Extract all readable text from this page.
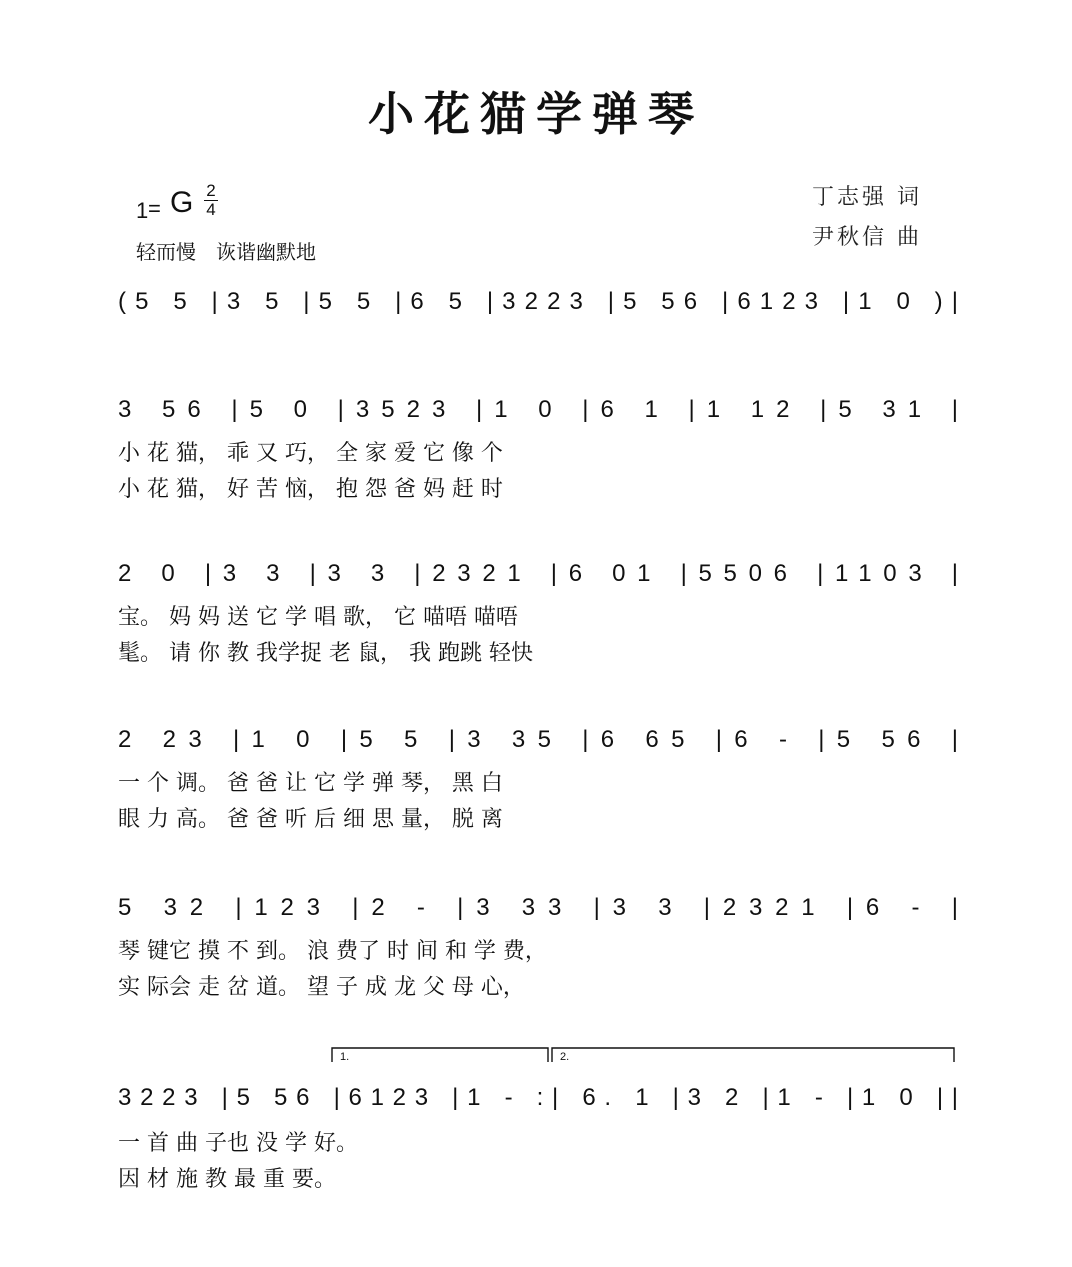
小花猫学弹琴
1 = G 2
4
轻而慢　诙谐幽默地
丁志强 词
尹秋信 曲
(5 5 |3 5 |5 5 |6 5 |3223 |5 56 |6123 |1 0 )|
3 56 |5 0 |3523 |1 0 |6 1 |1 12 |5 31 |
小 花 猫， 乖 又 巧， 全 家 爱 它 像 个
小 花 猫， 好 苦 恼， 抱 怨 爸 妈 赶 时
2 0 |3 3 |3 3 |2321 |6 01 |5506 |1103 |
宝。 妈 妈 送 它 学 唱 歌， 它 喵唔 喵唔
髦。 请 你 教 我学捉 老 鼠， 我 跑跳 轻快
2 23 |1 0 |5 5 |3 35 |6 65 |6 - |5 56 |
一 个 调。 爸 爸 让 它 学 弹 琴， 黑 白
眼 力 高。 爸 爸 听 后 细 思 量， 脱 离
5 32 |123 |2 - |3 33 |3 3 |2321 |6 - |
琴 键它 摸 不 到。 浪 费了 时 间 和 学 费，
实 际会 走 岔 道。 望 子 成 龙 父 母 心，
3223 |5 56 |6123 |1 - :| 6. 1 |3 2 |1 - |1 0 ||
一 首 曲 子也 没 学 好。
因 材 施 教 最 重 要。
1.	2.
